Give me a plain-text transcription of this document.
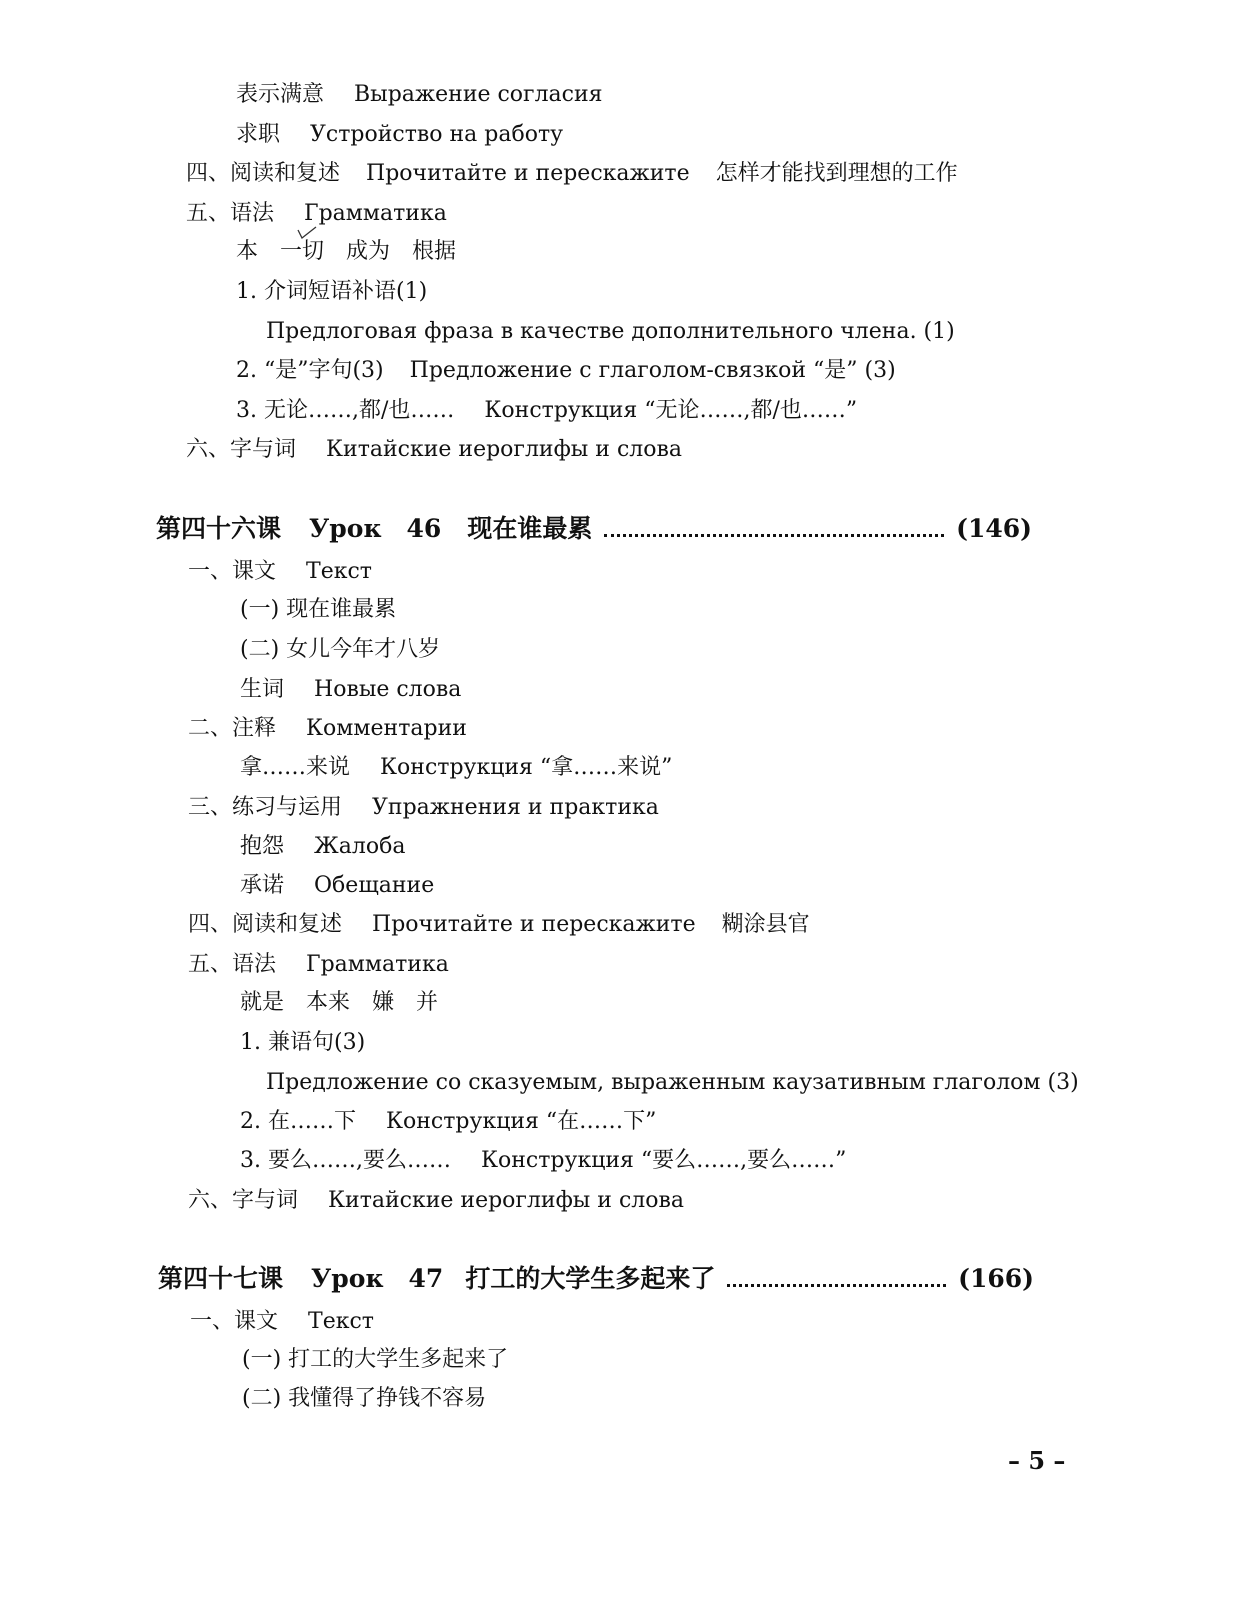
表示满意 Выражение согласия
求职 Устройство на работу
四、阅读和复述 Прочитайте и перескажите 怎样才能找到理想的工作
五、语法 Грамматика
本　一切　成为　根据
1. 介词短语补语(1)
Предлоговая фраза в качестве дополнительного члена. (1)
2. “是”字句(3) Предложение с глаголом-связкой “是” (3)
3. 无论……,都/也…… Конструкция “无论……,都/也……”
六、字与词 Китайские иероглифы и слова
第四十六课 Урок　46 现在谁最累	(146)
一、课文 Текст
(一) 现在谁最累
(二) 女儿今年才八岁
生词 Новые слова
二、注释 Комментарии
拿……来说 Конструкция “拿……来说”
三、练习与运用 Упражнения и практика
抱怨 Жалоба
承诺 Обещание
四、阅读和复述 Прочитайте и перескажите 糊涂县官
五、语法 Грамматика
就是　本来　嫌　并
1. 兼语句(3)
Предложение со сказуемым, выраженным каузативным глаголом (3)
2. 在……下 Конструкция “在……下”
3. 要么……,要么…… Конструкция “要么……,要么……”
六、字与词 Китайские иероглифы и слова
第四十七课 Урок　47 打工的大学生多起来了	(166)
一、课文 Текст
(一) 打工的大学生多起来了
(二) 我懂得了挣钱不容易
– 5 –
